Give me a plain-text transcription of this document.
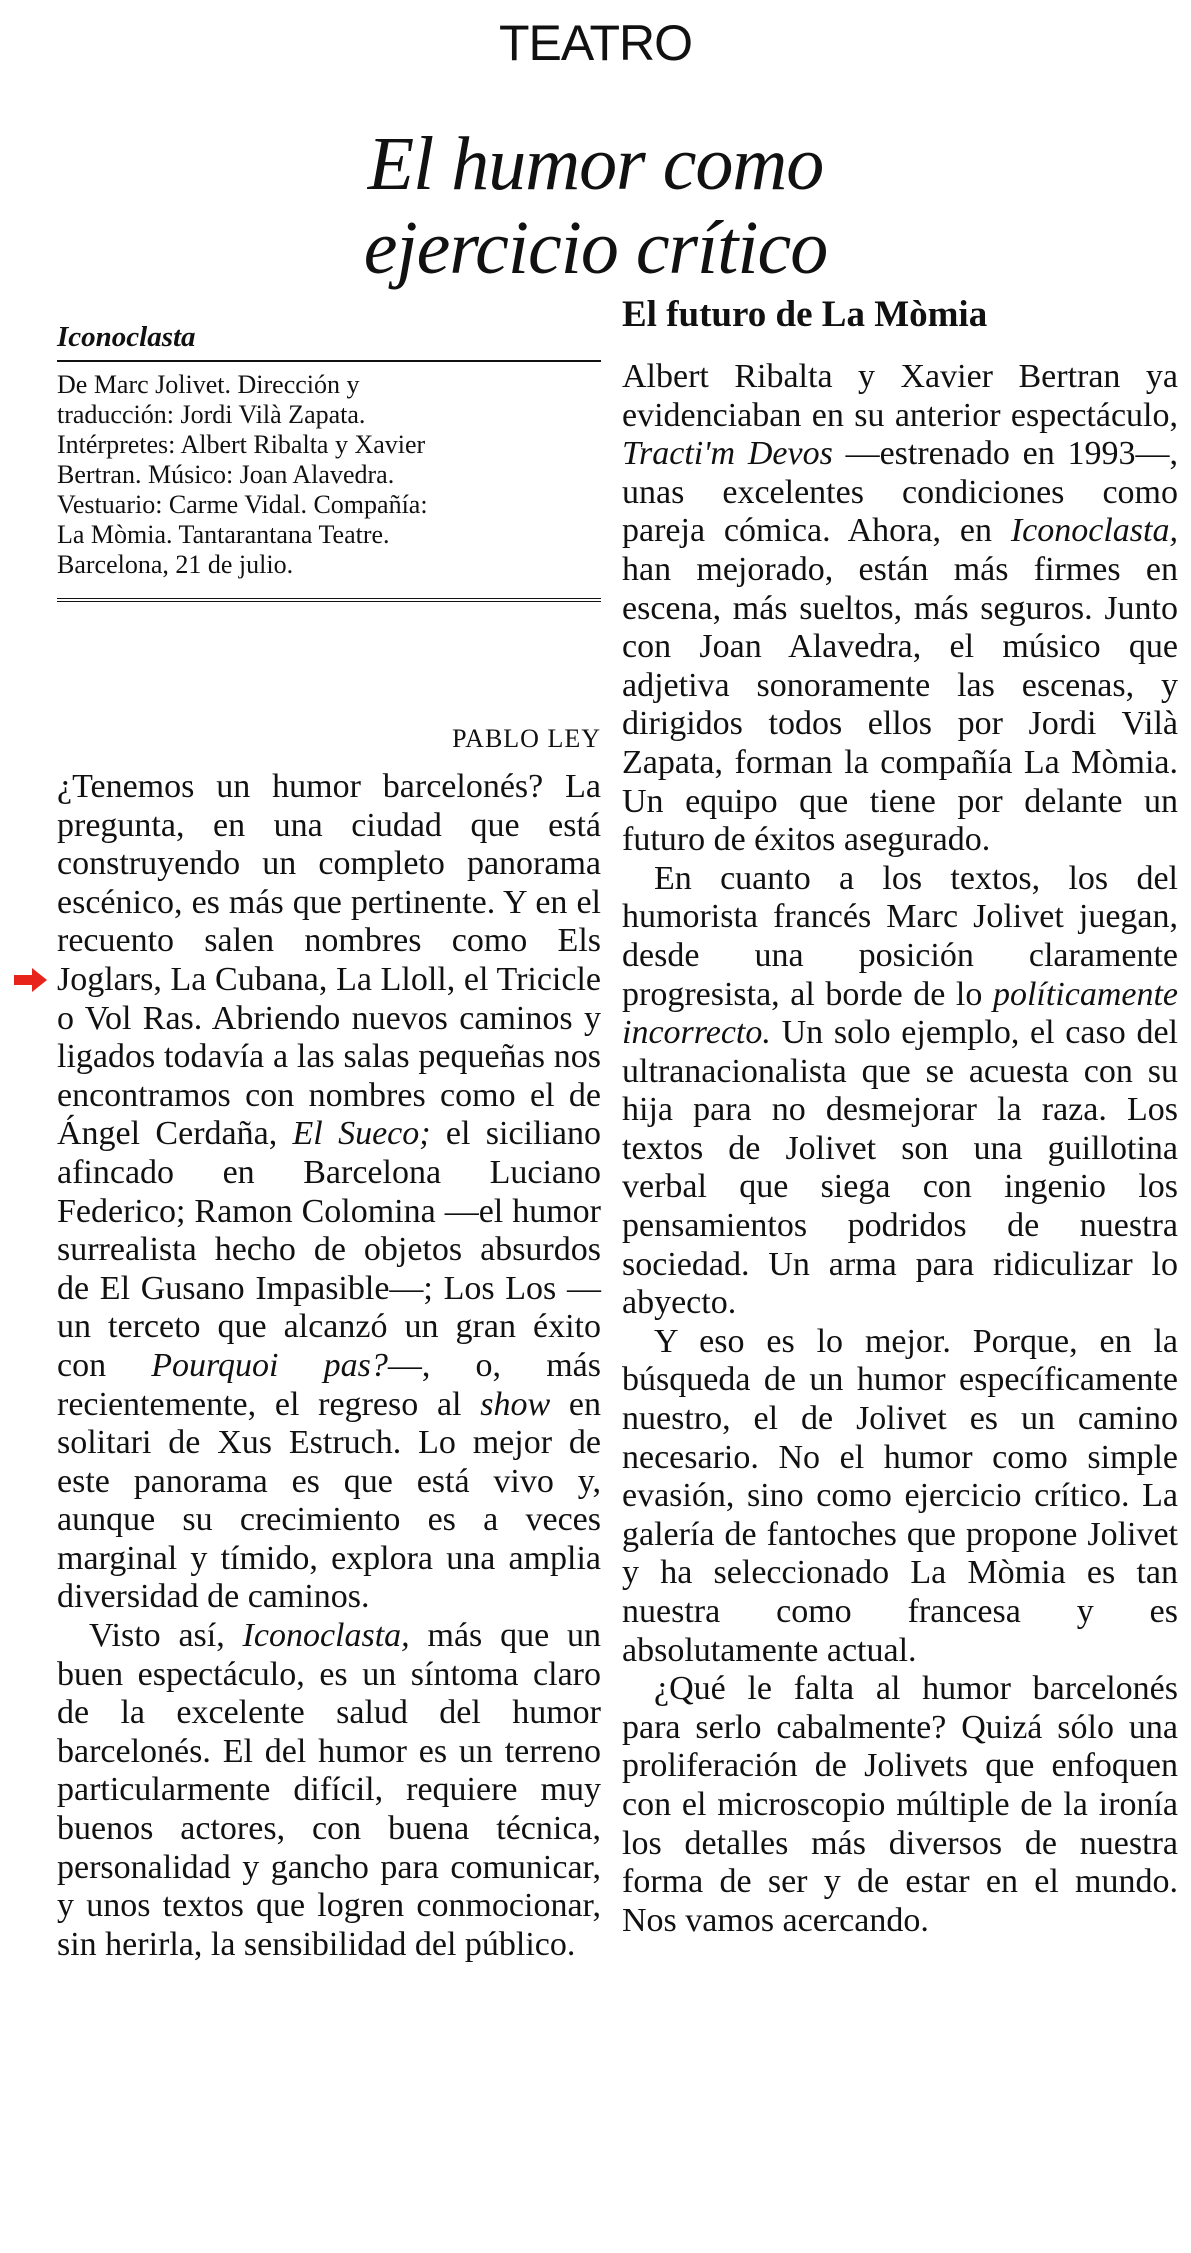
TEATRO
El humor como
ejercicio crítico
Iconoclasta
De Marc Jolivet. Dirección y
traducción: Jordi Vilà Zapata.
Intérpretes: Albert Ribalta y Xavier
Bertran. Músico: Joan Alavedra.
Vestuario: Carme Vidal. Compañía:
La Mòmia. Tantarantana Teatre.
Barcelona, 21 de julio.
PABLO LEY

¿Tenemos un humor barcelonés? La pregunta, en una ciudad que está construyendo un completo panorama escénico, es más que pertinente. Y en el recuento salen nombres como Els Joglars, La Cubana, La Lloll, el Tricicle o Vol Ras. Abriendo nuevos caminos y ligados todavía a las salas pequeñas nos encontramos con nombres como el de Ángel Cerdaña, El Sueco; el siciliano afincado en Barcelona Luciano Federico; Ramon Colomina —el humor surrealista hecho de objetos absurdos de El Gusano Impasible—; Los Los —un terceto que alcanzó un gran éxito con Pourquoi pas?—, o, más recientemente, el regreso al show en solitari de Xus Estruch. Lo mejor de este panorama es que está vivo y, aunque su crecimiento es a veces marginal y tímido, explora una amplia diversidad de caminos.

Visto así, Iconoclasta, más que un buen espectáculo, es un síntoma claro de la excelente salud del humor barcelonés. El del humor es un terreno particularmente difícil, requiere muy buenos actores, con buena técnica, personalidad y gancho para comunicar, y unos textos que logren conmocionar, sin herirla, la sensibilidad del público.

El futuro de La Mòmia

Albert Ribalta y Xavier Bertran ya evidenciaban en su anterior espectáculo, Tracti'm Devos —estrenado en 1993—, unas excelentes condiciones como pareja cómica. Ahora, en Iconoclasta, han mejorado, están más firmes en escena, más sueltos, más seguros. Junto con Joan Alavedra, el músico que adjetiva sonoramente las escenas, y dirigidos todos ellos por Jordi Vilà Zapata, forman la compañía La Mòmia. Un equipo que tiene por delante un futuro de éxitos asegurado.

En cuanto a los textos, los del humorista francés Marc Jolivet juegan, desde una posición claramente progresista, al borde de lo políticamente incorrecto. Un solo ejemplo, el caso del ultranacionalista que se acuesta con su hija para no desmejorar la raza. Los textos de Jolivet son una guillotina verbal que siega con ingenio los pensamientos podridos de nuestra sociedad. Un arma para ridiculizar lo abyecto.

Y eso es lo mejor. Porque, en la búsqueda de un humor específicamente nuestro, el de Jolivet es un camino necesario. No el humor como simple evasión, sino como ejercicio crítico. La galería de fantoches que propone Jolivet y ha seleccionado La Mòmia es tan nuestra como francesa y es absolutamente actual.

¿Qué le falta al humor barcelonés para serlo cabalmente? Quizá sólo una proliferación de Jolivets que enfoquen con el microscopio múltiple de la ironía los detalles más diversos de nuestra forma de ser y de estar en el mundo. Nos vamos acercando.
